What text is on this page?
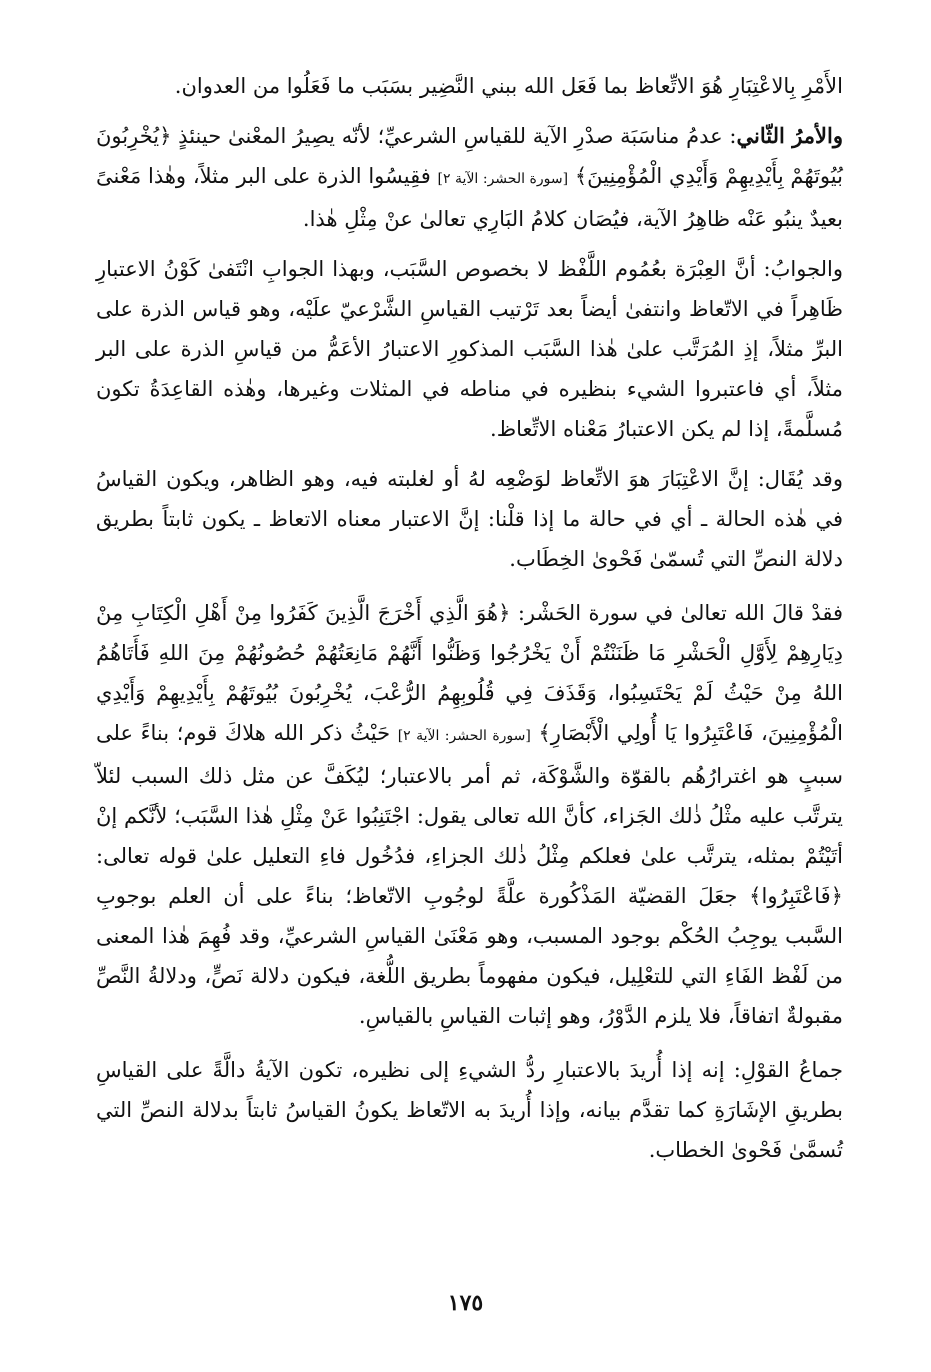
الأَمْرِ بِالاعْتِبَارِ هُوَ الاتِّعاظ بما فَعَل الله ببني النَّضِير بسَبَب ما فَعَلُوا من العدوان.

والأمرُ الثّاني: عدمُ مناسَبَة صدْرِ الآية للقياسِ الشرعيِّ؛ لأنّه يصِيرُ المعْنىٰ حينئذٍ ﴿يُخْرِبُونَ بُيُوتَهُمْ بِأَيْدِيهِمْ وَأَيْدِي الْمُؤْمِنِينَ﴾ [سورة الحشر: الآية ٢] فقِيسُوا الذرة على البر مثلاً، وهٰذا مَعْنىً بعيدٌ ينبُو عَنْه ظاهِرُ الآية، فيُصَان كلامُ البَارِي تعالىٰ عنْ مِثْلِ هٰذا.

والجوابُ: أنَّ العِبْرَة بعُمُوم اللَّفْظ لا بخصوص السَّبَب، وبهذا الجوابِ انْتَفىٰ كَوْنُ الاعتبارِ ظَاهِراً في الاتّعاظ وانتفىٰ أيضاً بعد تَرْتيب القياسِ الشَّرْعيّ علَيْه، وهو قياس الذرة على البرِّ مثلاً، إذِ المُرَتَّب علىٰ هٰذا السَّبَب المذكورِ الاعتبارُ الأعَمُّ من قياسِ الذرة على البر مثلاً، أي فاعتبروا الشيء بنظيره في مناطه في المثلات وغيرها، وهٰذه القاعِدَةُ تكون مُسلَّمةً، إذا لم يكن الاعتبارُ مَعْناه الاتِّعاظ.

وقد يُقَال: إنَّ الاعْتِبَارَ هوَ الاتِّعاظ لوَضْعِه لهُ أو لغلبته فيه، وهو الظاهر، ويكون القياسُ في هٰذه الحالة ـ أي في حالة ما إذا قلْنا: إنَّ الاعتبار معناه الاتعاظ ـ يكون ثابتاً بطريق دلالة النصِّ التي تُسمّىٰ فَحْوىٰ الخِطَاب.

فقدْ قالَ الله تعالىٰ في سورة الحَشْر: ﴿هُوَ الَّذِي أَخْرَجَ الَّذِينَ كَفَرُوا مِنْ أَهْلِ الْكِتَابِ مِنْ دِيَارِهِمْ لِأَوَّلِ الْحَشْرِ مَا ظَنَنْتُمْ أَنْ يَخْرُجُوا وَظَنُّوا أَنَّهُمْ مَانِعَتُهُمْ حُصُونُهُمْ مِنَ اللهِ فَأَتَاهُمُ اللهُ مِنْ حَيْثُ لَمْ يَحْتَسِبُوا، وَقَذَفَ فِي قُلُوبِهِمُ الرُّعْبَ، يُخْرِبُونَ بُيُوتَهُمْ بِأَيْدِيهِمْ وَأَيْدِي الْمُؤْمِنِينَ، فَاعْتَبِرُوا يَا أُولِي الْأَبْصَارِ﴾ [سورة الحشر: الآية ٢] حَيْثُ ذكر الله هلاكَ قوم؛ بناءً على سببٍ هو اغترارُهُم بالقوّة والشَّوْكَة، ثم أمر بالاعتبار؛ ليُكَفَّ عن مثل ذلك السبب لئلاّ يترتَّب عليه مثْلُ ذٰلك الجَزاء، كأنَّ الله تعالى يقول: اجْتَنِبُوا عَنْ مِثْلِ هٰذا السَّبَب؛ لأنَّكم إنْ أتَيْتُمْ بمثله، يترتَّب علىٰ فعلكم مِثْلُ ذٰلك الجزاءِ، فدُخُول فاءِ التعليل علىٰ قوله تعالى: ﴿فَاعْتَبِرُوا﴾ جعَلَ القضيّة المَذْكُورة علَّةً لوجُوبِ الاتّعاظ؛ بناءً على أن العلم بوجوبِ السَّبب يوجِبُ الحُكْم بوجود المسبب، وهو مَعْنَىٰ القياسِ الشرعيِّ، وقد فُهِمَ هٰذا المعنى من لَفْظ الفَاءِ التي للتعْلِيل، فيكون مفهوماً بطريق اللُّغة، فيكون دلالة نَصٍّ، ودلالةُ النَّصِّ مقبولةٌ اتفاقاً، فلا يلزم الدَّوْرُ، وهو إثبات القياسِ بالقياسِ.

جماعُ القوْلِ: إنه إذا أُريدَ بالاعتبارِ ردُّ الشيءِ إلى نظيره، تكون الآيةُ دالَّةً على القياسِ بطريقِ الإشَارَةِ كما تقدَّم بيانه، وإذا أُريدَ به الاتّعاظ يكونُ القياسُ ثابتاً بدلالة النصِّ التي تُسمَّىٰ فَحْوىٰ الخطاب.

١٧٥
